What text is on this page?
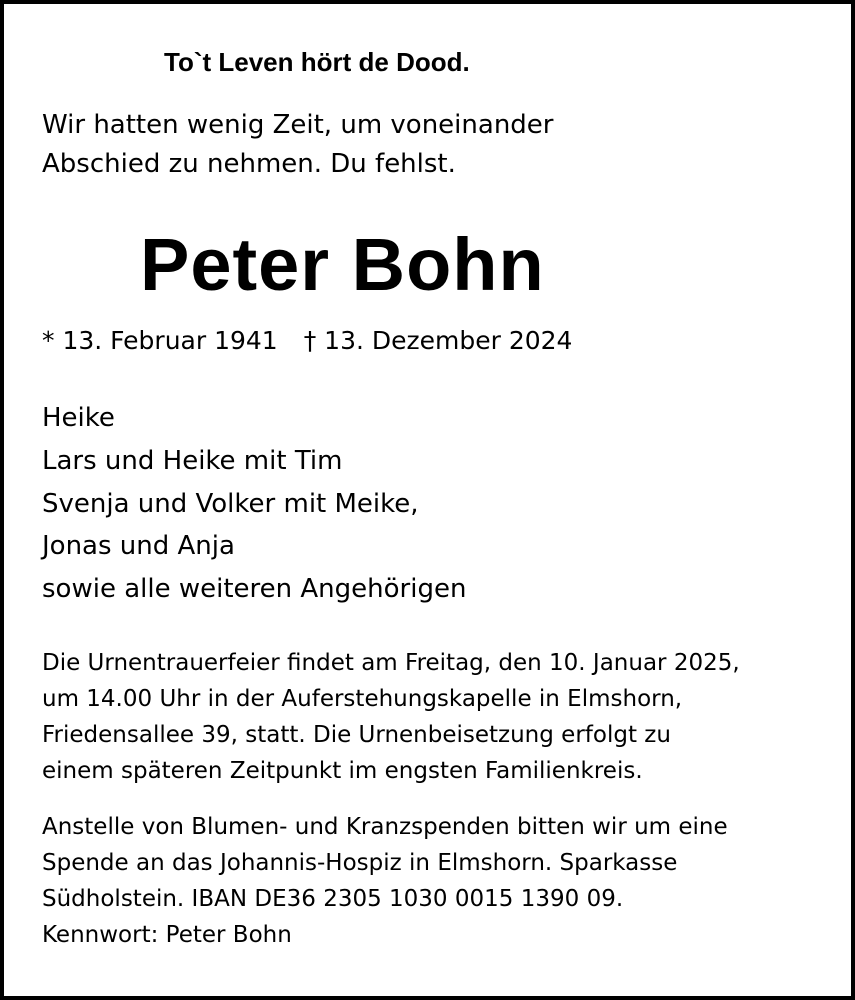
To`t Leven hört de Dood.
Wir hatten wenig Zeit, um voneinander
Abschied zu nehmen. Du fehlst.
Peter Bohn
* 13. Februar 1941 † 13. Dezember 2024
Heike
Lars und Heike mit Tim
Svenja und Volker mit Meike,
Jonas und Anja
sowie alle weiteren Angehörigen
Die Urnentrauerfeier findet am Freitag, den 10. Januar 2025,
um 14.00 Uhr in der Auferstehungskapelle in Elmshorn,
Friedensallee 39, statt. Die Urnenbeisetzung erfolgt zu
einem späteren Zeitpunkt im engsten Familienkreis.
Anstelle von Blumen- und Kranzspenden bitten wir um eine
Spende an das Johannis-Hospiz in Elmshorn. Sparkasse
Südholstein. IBAN DE36 2305 1030 0015 1390 09.
Kennwort: Peter Bohn
